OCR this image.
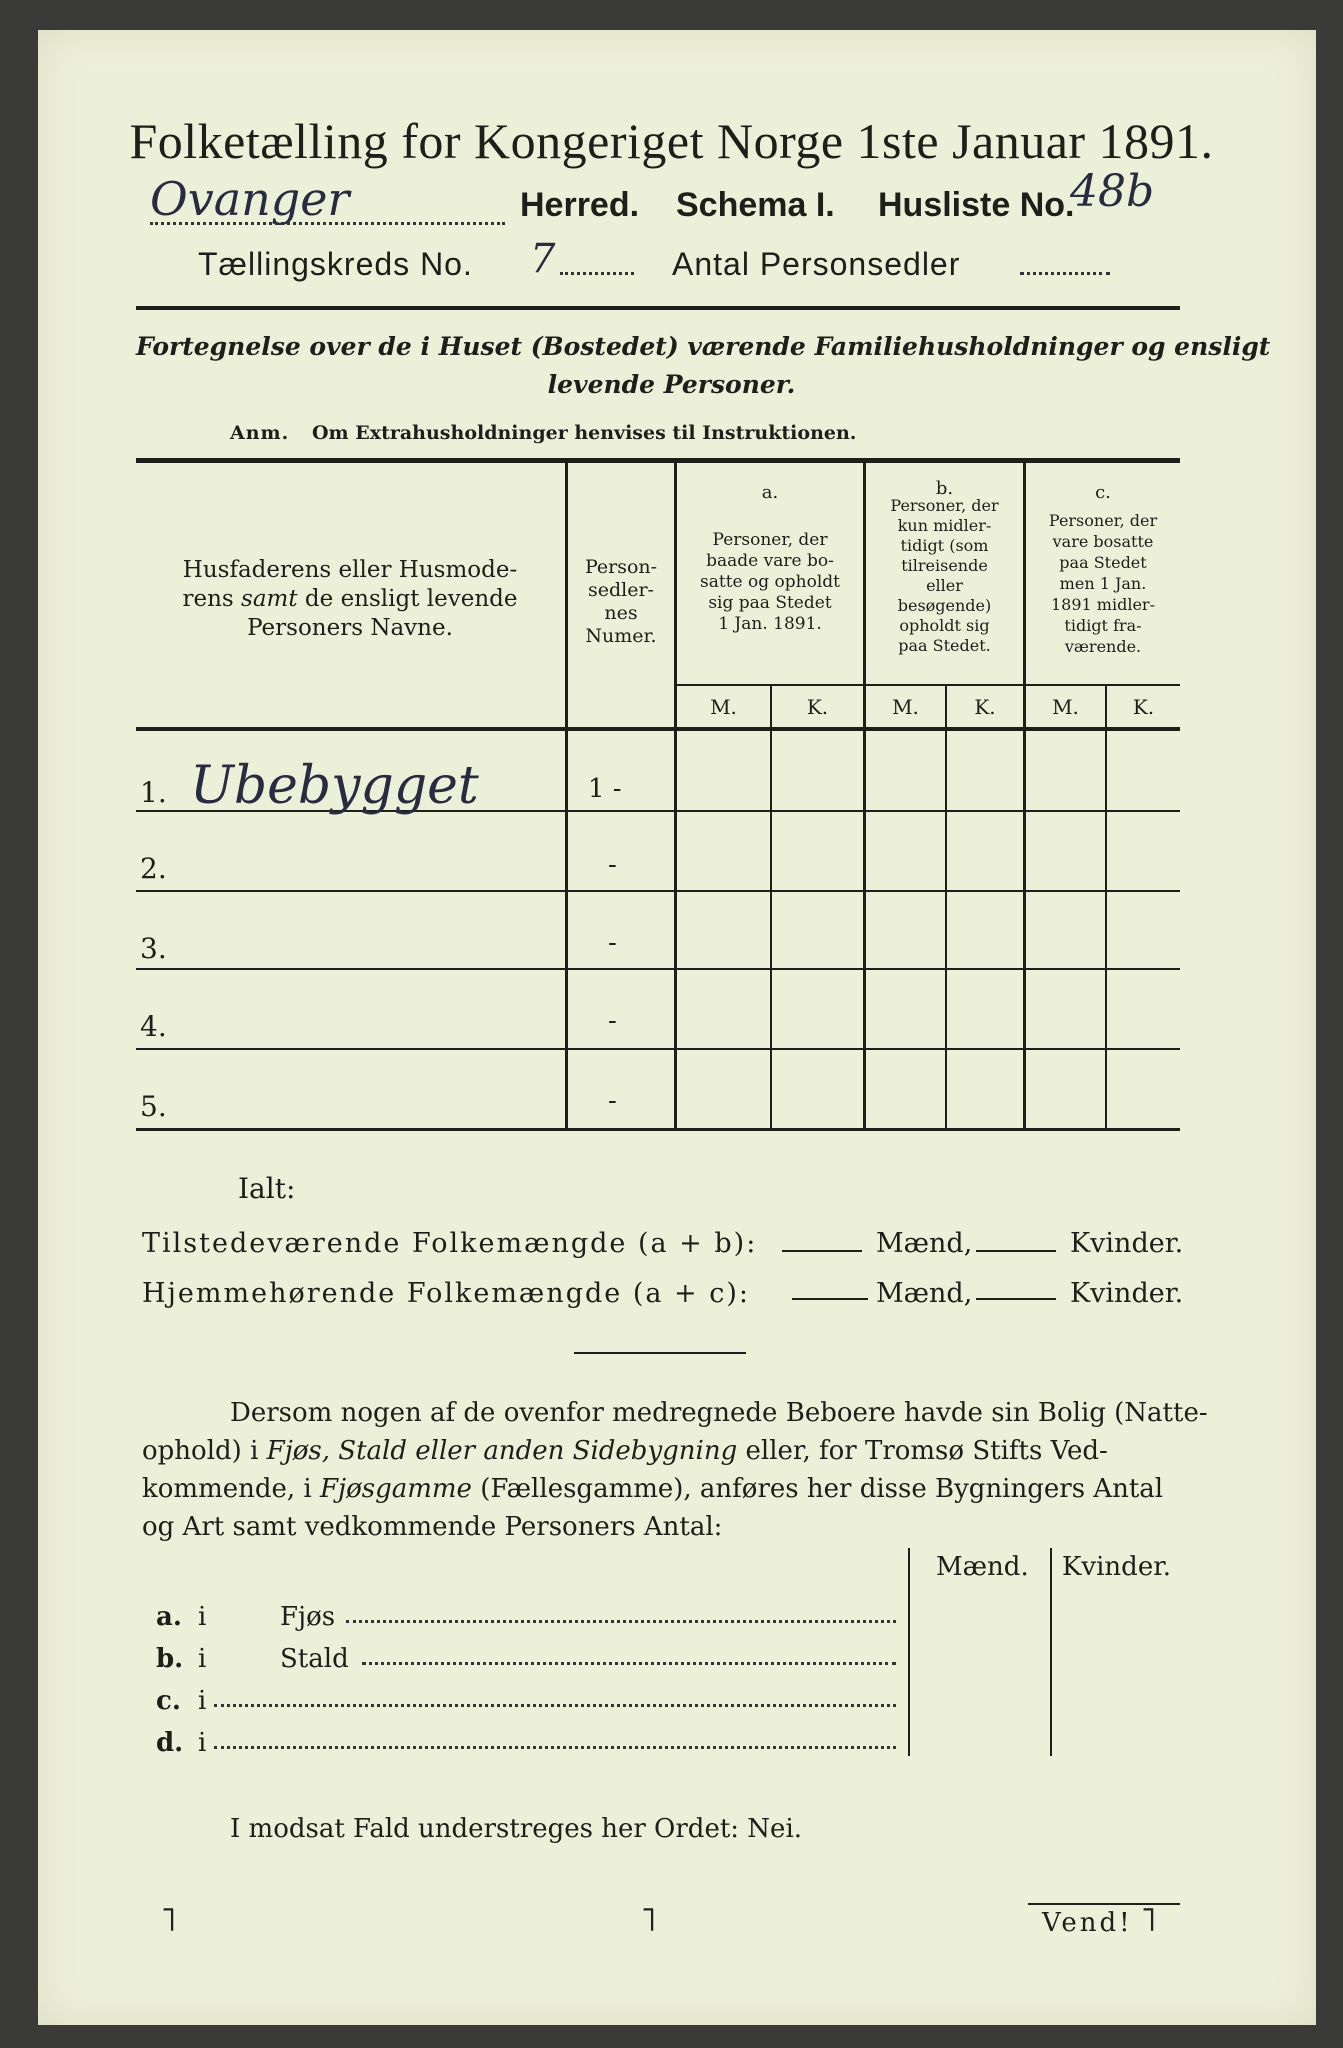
Folketælling for Kongeriget Norge 1ste Januar 1891.
Ovanger	Herred. Schema I. Husliste No.
48b
Tællingskreds No. 7	Antal Personsedler
Fortegnelse over de i Huset (Bostedet) værende Familiehusholdninger og ensligt
levende Personer.
Anm. Om Extrahusholdninger henvises til Instruktionen.
Husfaderens eller Husmode-
rens samt de ensligt levende
Personers Navne.
Person-
sedler-
nes
Numer.
a.
Personer, der
baade vare bo-
satte og opholdt
sig paa Stedet
1 Jan. 1891.
b.
Personer, der
kun midler-
tidigt (som
tilreisende
eller
besøgende)
opholdt sig
paa Stedet.
c.
Personer, der
vare bosatte
paa Stedet
men 1 Jan.
1891 midler-
tidigt fra-
værende.
M.	K.	M.	K.	M.	K.
1. Ubebygget	1 -
2.	-
3.	-
4.	-
5.	-
Ialt:
Tilstedeværende Folkemængde (a + b):	Mænd,	Kvinder.
Hjemmehørende Folkemængde (a + c):	Mænd,	Kvinder.
Dersom nogen af de ovenfor medregnede Beboere havde sin Bolig (Natte-
ophold) i Fjøs, Stald eller anden Sidebygning eller, for Tromsø Stifts Ved-
kommende, i Fjøsgamme (Fællesgamme), anføres her disse Bygningers Antal
og Art samt vedkommende Personers Antal:
Mænd. Kvinder.
a. i	Fjøs
b. i	Stald
c. i
d. i
I modsat Fald understreges her Ordet: Nei.
Vend!
˥	˥	˥
